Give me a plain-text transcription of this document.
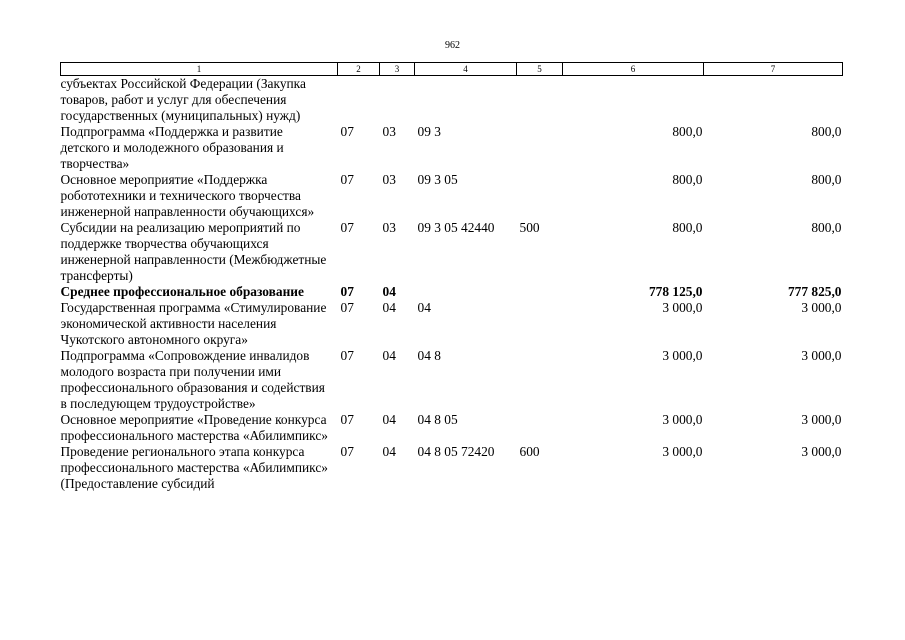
962
1	2	3	4	5	6	7
субъектах Российской Федерации (Закупка товаров, работ и услуг для обеспечения государственных (муниципальных) нужд)						
Подпрограмма «Поддержка и развитие детского и молодежного образования и творчества»	07	03	09 3		800,0	800,0
Основное мероприятие «Поддержка робототехники и технического творчества инженерной направленности обучающихся»	07	03	09 3 05		800,0	800,0
Субсидии на реализацию мероприятий по поддержке творчества обучающихся инженерной направленности (Межбюджетные трансферты)	07	03	09 3 05 42440	500	800,0	800,0
Среднее профессиональное образование	07	04			778 125,0	777 825,0
Государственная программа «Стимулирование экономической активности населения Чукотского автономного округа»	07	04	04		3 000,0	3 000,0
Подпрограмма «Сопровождение инвалидов молодого возраста при получении ими профессионального образования и содействия в последующем трудоустройстве»	07	04	04 8		3 000,0	3 000,0
Основное мероприятие «Проведение конкурса профессионального мастерства «Абилимпикс»	07	04	04 8 05		3 000,0	3 000,0
Проведение регионального этапа конкурса профессионального мастерства «Абилимпикс» (Предоставление субсидий	07	04	04 8 05 72420	600	3 000,0	3 000,0
